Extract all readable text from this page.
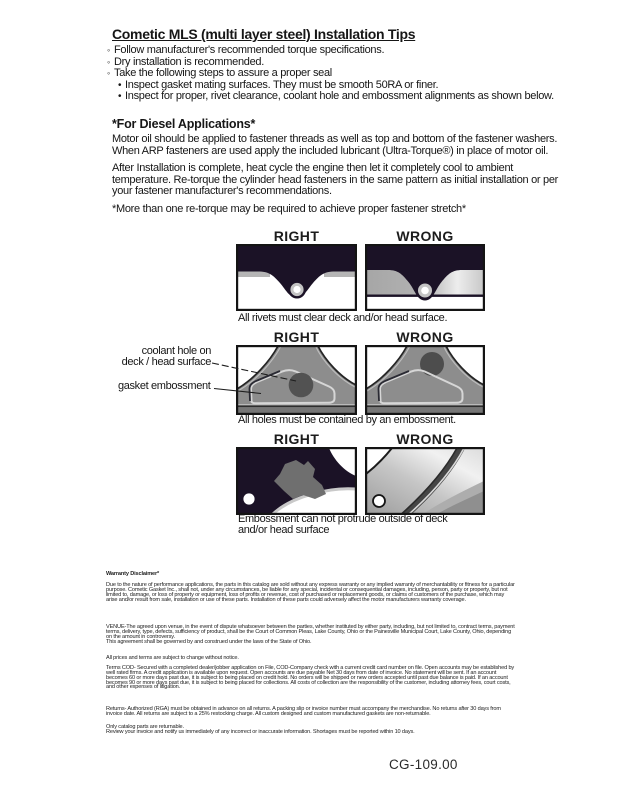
Cometic MLS (multi layer steel) Installation Tips
◦ Follow manufacturer's recommended torque specifications.
◦ Dry installation is recommended.
◦ Take the following steps to assure a proper seal
• Inspect gasket mating surfaces. They must be smooth 50RA or finer.
• Inspect for proper, rivet clearance, coolant hole and embossment alignments as shown below.
*For Diesel Applications*

Motor oil should be applied to fastener threads as well as top and bottom of the fastener washers. When ARP fasteners are used apply the included lubricant (Ultra-Torque®) in place of motor oil.

After Installation is complete, heat cycle the engine then let it completely cool to ambient temperature. Re-torque the cylinder head fasteners in the same pattern as initial installation or per your fastener manufacturer's recommendations.

*More than one re-torque may be required to achieve proper fastener stretch*

RIGHT	WRONG
All rivets must clear deck and/or head surface.
RIGHT	WRONG
All holes must be contained by an embossment.
coolant hole on
deck / head surface
gasket embossment
RIGHT	WRONG
Embossment can not protrude outside of deck
and/or head surface
Warranty Disclaimer*
Due to the nature of performance applications, the parts in this catalog are sold without any express warranty or any implied warranty of merchantability or fitness for a particular purpose. Cometic Gasket Inc., shall not, under any circumstances, be liable for any special, incidental or consequential damages, including, person, party or property, but not limited to, damage, or loss of property or equipment, loss of profits or revenue, cost of purchased or replacement goods, or claims of customers of the purchase, which may arise and/or result from sale, installation or use of these parts. Installation of these parts could adversely affect the motor manufacturers warranty coverage.
VENUE-The agreed upon venue, in the event of dispute whatsoever between the parties, whether instituted by either party, including, but not limited to, contract terms, payment terms, delivery, type, defects, sufficiency of product, shall be the Court of Common Pleas, Lake County, Ohio or the Painesville Municipal Court, Lake County, Ohio, depending on the amount in controversy.
This agreement shall be governed by and construed under the laws of the State of Ohio.
All prices and terms are subject to change without notice.
Terms COD- Secured with a completed dealer/jobber application on File, COD-Company check with a current credit card number on file. Open accounts may be established by well rated firms. A credit application is available upon request. Open accounts are due payable Net 30 days from date of invoice. No statement will be sent. If an account becomes 60 or more days past due, it is subject to being placed on credit hold. No orders will be shipped or new orders accepted until past due balance is paid. If an account becomes 90 or more days past due, it is subject to being placed for collections. All costs of collection are the responsibility of the customer, including attorney fees, court costs, and other expenses of litigation.
Returns- Authorized (RGA) must be obtained in advance on all returns. A packing slip or invoice number must accompany the merchandise. No returns after 30 days from invoice date. All returns are subject to a 25% restocking charge. All custom designed and custom manufactured gaskets are non-returnable.
Only catalog parts are returnable.
Review your invoice and notify us immediately of any incorrect or inaccurate information. Shortages must be reported within 10 days.
CG-109.00
